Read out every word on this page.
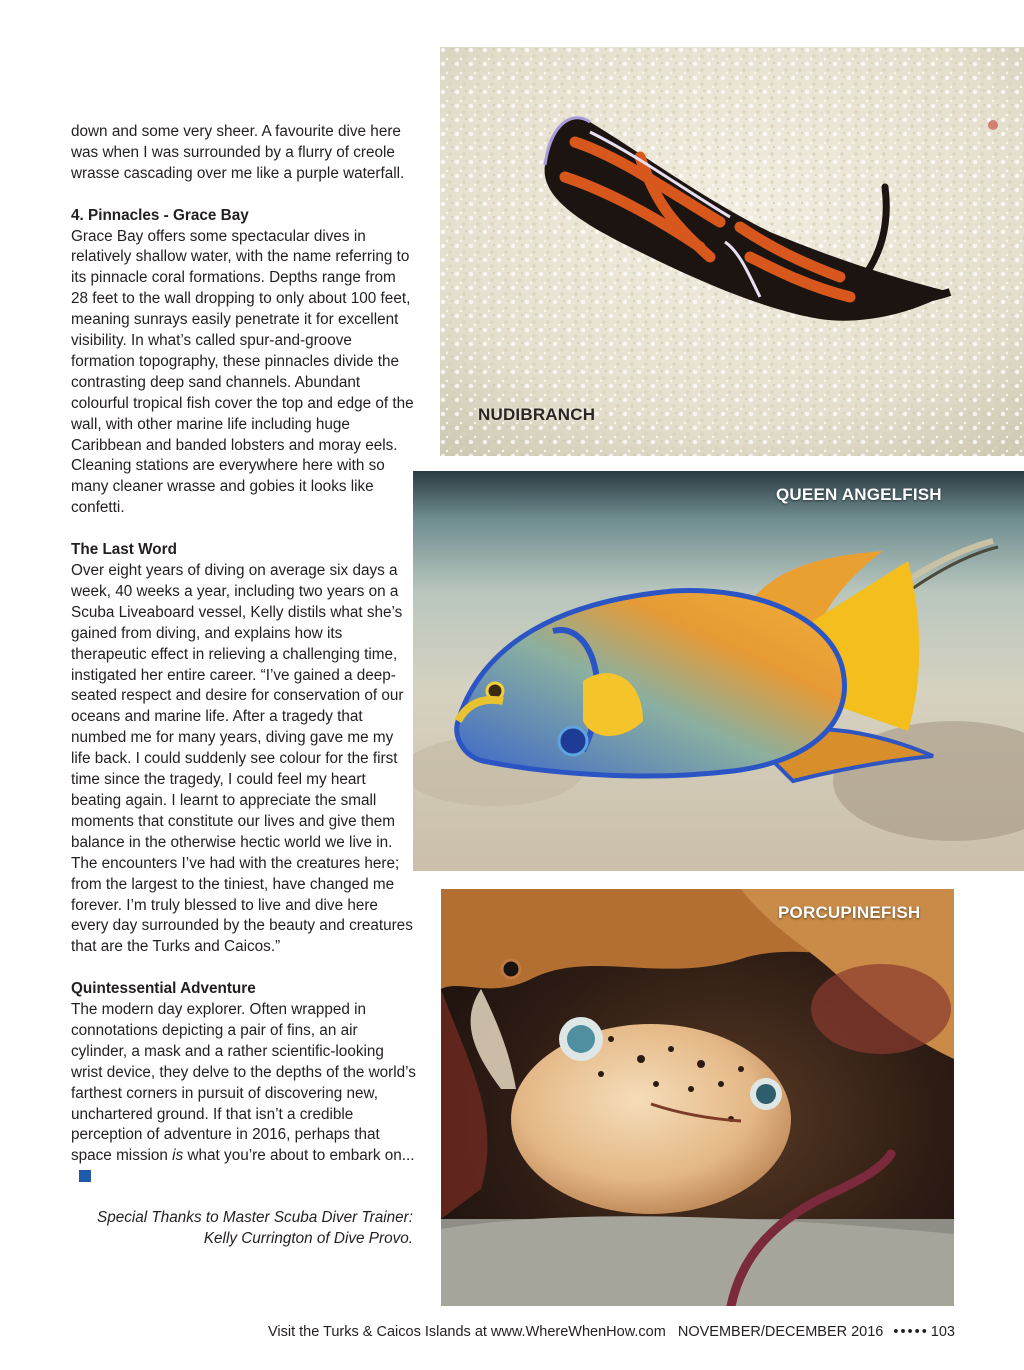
down and some very sheer. A favourite dive here was when I was surrounded by a flurry of creole wrasse cascading over me like a purple waterfall.

4. Pinnacles - Grace Bay

Grace Bay offers some spectacular dives in relatively shallow water, with the name referring to its pinnacle coral formations. Depths range from 28 feet to the wall dropping to only about 100 feet, meaning sunrays easily penetrate it for excellent visibility. In what’s called spur-and-groove formation topography, these pinnacles divide the contrasting deep sand channels. Abundant colourful tropical fish cover the top and edge of the wall, with other marine life including huge Caribbean and banded lobsters and moray eels. Cleaning stations are everywhere here with so many cleaner wrasse and gobies it looks like confetti.

The Last Word

Over eight years of diving on average six days a week, 40 weeks a year, including two years on a Scuba Liveaboard vessel, Kelly distils what she’s gained from diving, and explains how its therapeutic effect in relieving a challenging time, instigated her entire career. “I’ve gained a deep-seated respect and desire for conservation of our oceans and marine life. After a tragedy that numbed me for many years, diving gave me my life back. I could suddenly see colour for the first time since the tragedy, I could feel my heart beating again. I learnt to appreciate the small moments that constitute our lives and give them balance in the otherwise hectic world we live in. The encounters I’ve had with the creatures here; from the largest to the tiniest, have changed me forever. I’m truly blessed to live and dive here every day surrounded by the beauty and creatures that are the Turks and Caicos.”

Quintessential Adventure

The modern day explorer. Often wrapped in connotations depicting a pair of fins, an air cylinder, a mask and a rather scientific-looking wrist device, they delve to the depths of the world’s farthest corners in pursuit of discovering new, unchartered ground. If that isn’t a credible perception of adventure in 2016, perhaps that space mission is what you’re about to embark on...

Special Thanks to Master Scuba Diver Trainer:
Kelly Currington of Dive Provo.
NUDIBRANCH
QUEEN ANGELFISH
PORCUPINEFISH
Visit the Turks & Caicos Islands at www.WhereWhenHow.com NOVEMBER/DECEMBER 2016 ••••• 103
